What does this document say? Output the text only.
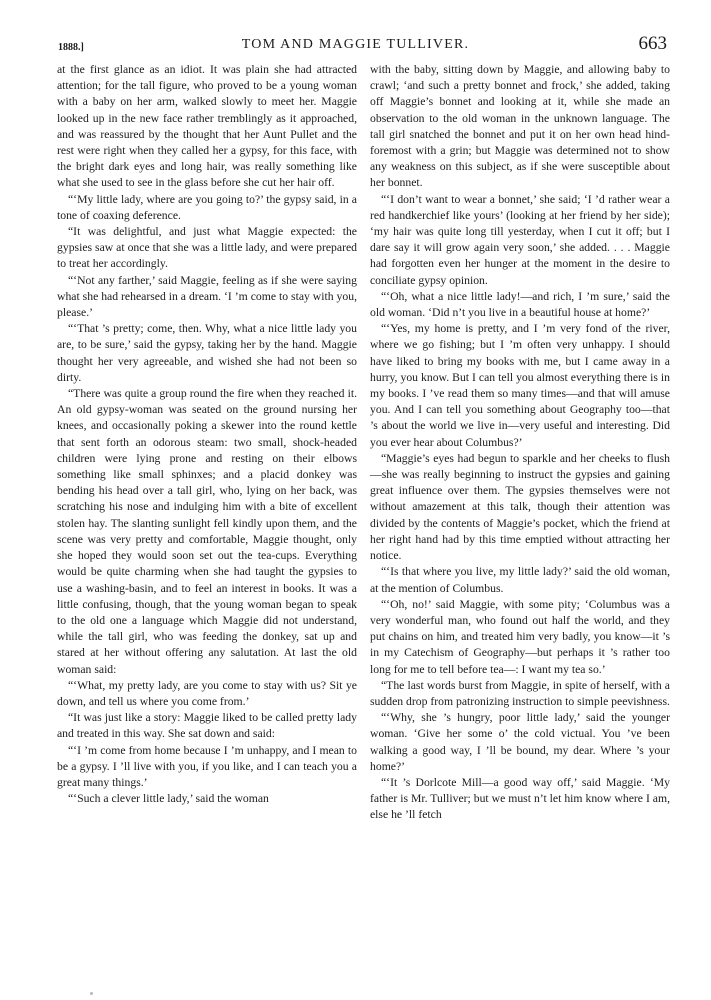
1888.]	TOM AND MAGGIE TULLIVER.	663

at the first glance as an idiot. It was plain she had attracted attention; for the tall figure, who proved to be a young woman with a baby on her arm, walked slowly to meet her. Maggie looked up in the new face rather tremblingly as it approached, and was reassured by the thought that her Aunt Pullet and the rest were right when they called her a gypsy, for this face, with the bright dark eyes and long hair, was really something like what she used to see in the glass before she cut her hair off.

“‘My little lady, where are you going to?’ the gypsy said, in a tone of coaxing deference.

“It was delightful, and just what Maggie expected: the gypsies saw at once that she was a little lady, and were prepared to treat her accordingly.

“‘Not any farther,’ said Maggie, feeling as if she were saying what she had rehearsed in a dream. ‘I ’m come to stay with you, please.’

“‘That ’s pretty; come, then. Why, what a nice little lady you are, to be sure,’ said the gypsy, taking her by the hand. Maggie thought her very agreeable, and wished she had not been so dirty.

“There was quite a group round the fire when they reached it. An old gypsy-woman was seated on the ground nursing her knees, and occasionally poking a skewer into the round kettle that sent forth an odorous steam: two small, shock-headed children were lying prone and resting on their elbows something like small sphinxes; and a placid donkey was bending his head over a tall girl, who, lying on her back, was scratching his nose and indulging him with a bite of excellent stolen hay. The slanting sunlight fell kindly upon them, and the scene was very pretty and comfortable, Maggie thought, only she hoped they would soon set out the tea-cups. Everything would be quite charming when she had taught the gypsies to use a washing-basin, and to feel an interest in books. It was a little confusing, though, that the young woman began to speak to the old one a language which Maggie did not understand, while the tall girl, who was feeding the donkey, sat up and stared at her without offering any salutation. At last the old woman said:

“‘What, my pretty lady, are you come to stay with us? Sit ye down, and tell us where you come from.’

“It was just like a story: Maggie liked to be called pretty lady and treated in this way. She sat down and said:

“‘I ’m come from home because I ’m unhappy, and I mean to be a gypsy. I ’ll live with you, if you like, and I can teach you a great many things.’

“‘Such a clever little lady,’ said the woman

with the baby, sitting down by Maggie, and allowing baby to crawl; ‘and such a pretty bonnet and frock,’ she added, taking off Maggie’s bonnet and looking at it, while she made an observation to the old woman in the unknown language. The tall girl snatched the bonnet and put it on her own head hind-foremost with a grin; but Maggie was determined not to show any weakness on this subject, as if she were susceptible about her bonnet.

“‘I don’t want to wear a bonnet,’ she said; ‘I ’d rather wear a red handkerchief like yours’ (looking at her friend by her side); ‘my hair was quite long till yesterday, when I cut it off; but I dare say it will grow again very soon,’ she added. . . . Maggie had forgotten even her hunger at the moment in the desire to conciliate gypsy opinion.

“‘Oh, what a nice little lady!—and rich, I ’m sure,’ said the old woman. ‘Did n’t you live in a beautiful house at home?’

“‘Yes, my home is pretty, and I ’m very fond of the river, where we go fishing; but I ’m often very unhappy. I should have liked to bring my books with me, but I came away in a hurry, you know. But I can tell you almost everything there is in my books. I ’ve read them so many times—and that will amuse you. And I can tell you something about Geography too—that ’s about the world we live in—very useful and interesting. Did you ever hear about Columbus?’

“Maggie’s eyes had begun to sparkle and her cheeks to flush—she was really beginning to instruct the gypsies and gaining great influence over them. The gypsies themselves were not without amazement at this talk, though their attention was divided by the contents of Maggie’s pocket, which the friend at her right hand had by this time emptied without attracting her notice.

“‘Is that where you live, my little lady?’ said the old woman, at the mention of Columbus.

“‘Oh, no!’ said Maggie, with some pity; ‘Columbus was a very wonderful man, who found out half the world, and they put chains on him, and treated him very badly, you know—it ’s in my Catechism of Geography—but perhaps it ’s rather too long for me to tell before tea—: I want my tea so.’

“The last words burst from Maggie, in spite of herself, with a sudden drop from patronizing instruction to simple peevishness.

“‘Why, she ’s hungry, poor little lady,’ said the younger woman. ‘Give her some o’ the cold victual. You ’ve been walking a good way, I ’ll be bound, my dear. Where ’s your home?’

“‘It ’s Dorlcote Mill—a good way off,’ said Maggie. ‘My father is Mr. Tulliver; but we must n’t let him know where I am, else he ’ll fetch
